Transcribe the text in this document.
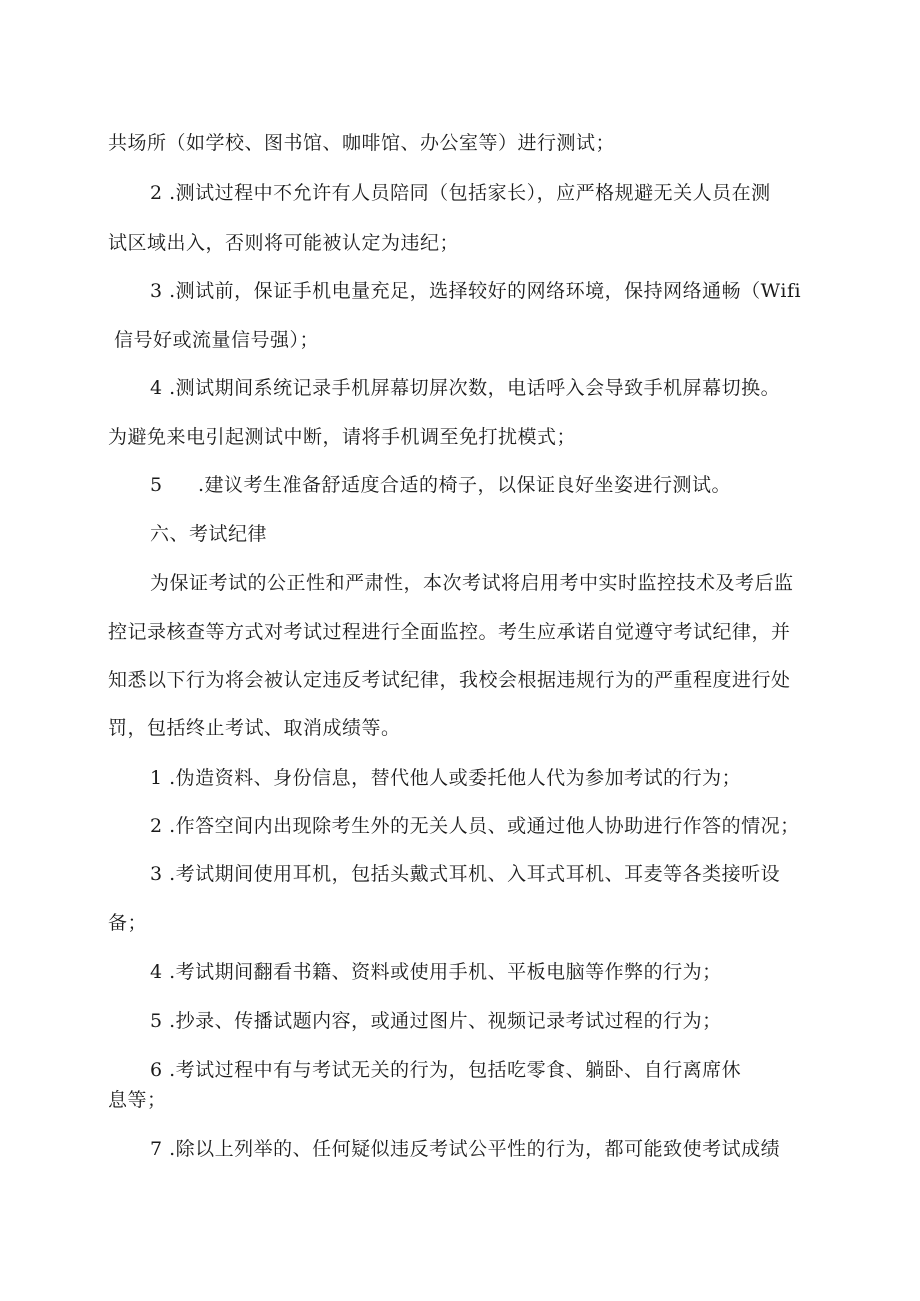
共场所（如学校、图书馆、咖啡馆、办公室等）进行测试；
2 .测试过程中不允许有人员陪同（包括家长），应严格规避无关人员在测
试区域出入，否则将可能被认定为违纪；
3 .测试前，保证手机电量充足，选择较好的网络环境，保持网络通畅（Wifi
信号好或流量信号强）；
4 .测试期间系统记录手机屏幕切屏次数，电话呼入会导致手机屏幕切换。
为避免来电引起测试中断，请将手机调至免打扰模式；
5 .建议考生准备舒适度合适的椅子，以保证良好坐姿进行测试。
六、考试纪律
为保证考试的公正性和严肃性，本次考试将启用考中实时监控技术及考后监
控记录核查等方式对考试过程进行全面监控。考生应承诺自觉遵守考试纪律，并
知悉以下行为将会被认定违反考试纪律，我校会根据违规行为的严重程度进行处
罚，包括终止考试、取消成绩等。
1 .伪造资料、身份信息，替代他人或委托他人代为参加考试的行为；
2 .作答空间内出现除考生外的无关人员、或通过他人协助进行作答的情况；
3 .考试期间使用耳机，包括头戴式耳机、入耳式耳机、耳麦等各类接听设
备；
4 .考试期间翻看书籍、资料或使用手机、平板电脑等作弊的行为；
5 .抄录、传播试题内容，或通过图片、视频记录考试过程的行为；
6 .考试过程中有与考试无关的行为，包括吃零食、躺卧、自行离席休
息等；
7 .除以上列举的、任何疑似违反考试公平性的行为，都可能致使考试成绩
